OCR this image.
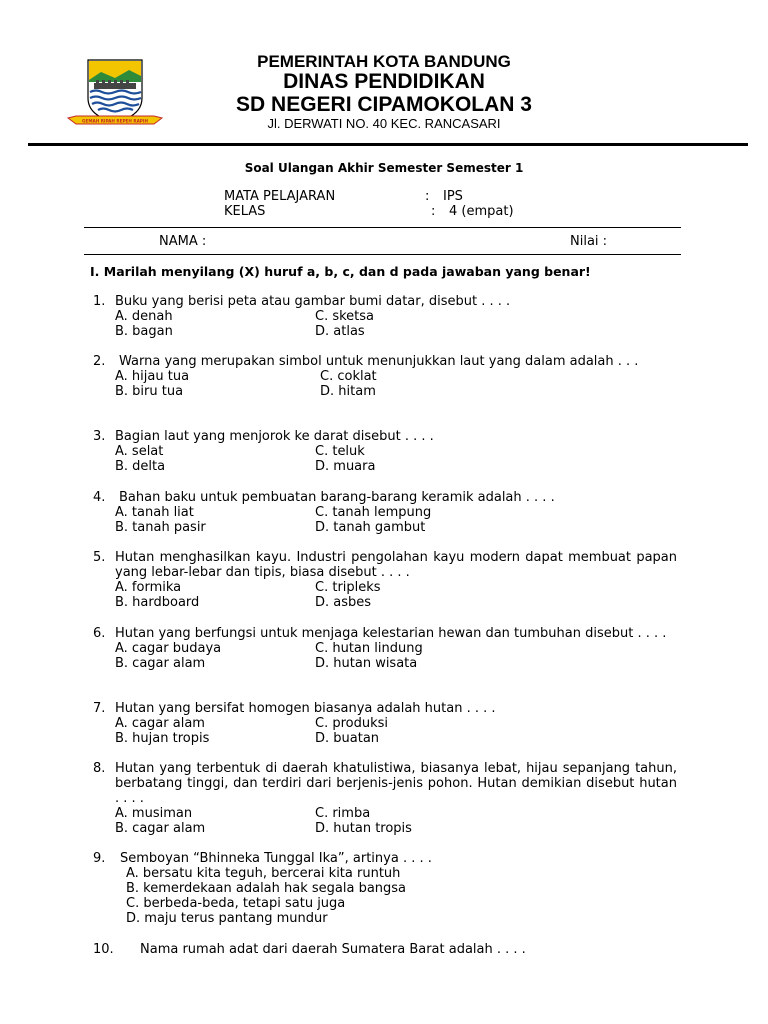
GEMAH RIPAH REPEH RAPIH
PEMERINTAH KOTA BANDUNG
DINAS PENDIDIKAN
SD NEGERI CIPAMOKOLAN 3
Jl. DERWATI NO. 40 KEC. RANCASARI
Soal Ulangan Akhir Semester Semester 1
MATA PELAJARAN	: IPS
KELAS	: 4 (empat)
NAMA :	Nilai :
I. Marilah menyilang (X) huruf a, b, c, dan d pada jawaban yang benar!
1. Buku yang berisi peta atau gambar bumi datar, disebut . . . .
A. denah	C. sketsa
B. bagan	D. atlas
2.	Warna yang merupakan simbol untuk menunjukkan laut yang dalam adalah . . .
A. hijau tua	C. coklat
B. biru tua	D. hitam
3. Bagian laut yang menjorok ke darat disebut . . . .
A. selat	C. teluk
B. delta	D. muara
4.	Bahan baku untuk pembuatan barang-barang keramik adalah . . . .
A. tanah liat	C. tanah lempung
B. tanah pasir	D. tanah gambut
5. Hutan menghasilkan kayu. Industri pengolahan kayu modern dapat membuat papan yang lebar-lebar dan tipis, biasa disebut . . . .
A. formika	C. tripleks
B. hardboard	D. asbes
6. Hutan yang berfungsi untuk menjaga kelestarian hewan dan tumbuhan disebut . . . .
A. cagar budaya	C. hutan lindung
B. cagar alam	D. hutan wisata
7. Hutan yang bersifat homogen biasanya adalah hutan . . . .
A. cagar alam	C. produksi
B. hujan tropis	D. buatan
8. Hutan yang terbentuk di daerah khatulistiwa, biasanya lebat, hijau sepanjang tahun, berbatang tinggi, dan terdiri dari berjenis-jenis pohon. Hutan demikian disebut hutan . . . .
A. musiman	C. rimba
B. cagar alam	D. hutan tropis
9.	Semboyan “Bhinneka Tunggal Ika”, artinya . . . .
A. bersatu kita teguh, bercerai kita runtuh
B. kemerdekaan adalah hak segala bangsa
C. berbeda-beda, tetapi satu juga
D. maju terus pantang mundur
10.	Nama rumah adat dari daerah Sumatera Barat adalah . . . .
